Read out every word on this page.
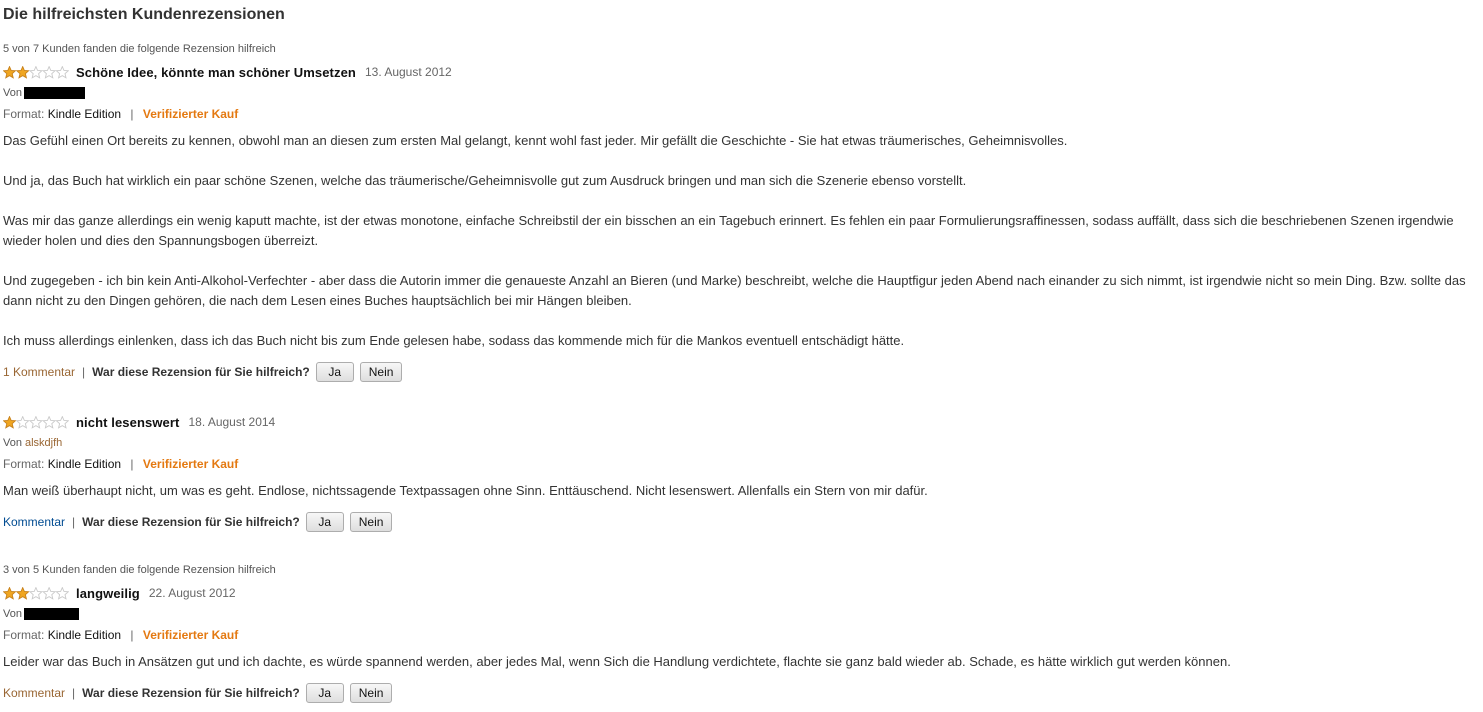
Die hilfreichsten Kundenrezensionen
5 von 7 Kunden fanden die folgende Rezension hilfreich
Schöne Idee, könnte man schöner Umsetzen 13. August 2012
Von
Format: Kindle Edition | Verifizierter Kauf

Das Gefühl einen Ort bereits zu kennen, obwohl man an diesen zum ersten Mal gelangt, kennt wohl fast jeder. Mir gefällt die Geschichte - Sie hat etwas träumerisches, Geheimnisvolles.

Und ja, das Buch hat wirklich ein paar schöne Szenen, welche das träumerische/Geheimnisvolle gut zum Ausdruck bringen und man sich die Szenerie ebenso vorstellt.

Was mir das ganze allerdings ein wenig kaputt machte, ist der etwas monotone, einfache Schreibstil der ein bisschen an ein Tagebuch erinnert. Es fehlen ein paar Formulierungsraffinessen, sodass auffällt, dass sich die beschriebenen Szenen irgendwie wieder holen und dies den Spannungsbogen überreizt.

Und zugegeben - ich bin kein Anti-Alkohol-Verfechter - aber dass die Autorin immer die genaueste Anzahl an Bieren (und Marke) beschreibt, welche die Hauptfigur jeden Abend nach einander zu sich nimmt, ist irgendwie nicht so mein Ding. Bzw. sollte das dann nicht zu den Dingen gehören, die nach dem Lesen eines Buches hauptsächlich bei mir Hängen bleiben.

Ich muss allerdings einlenken, dass ich das Buch nicht bis zum Ende gelesen habe, sodass das kommende mich für die Mankos eventuell entschädigt hätte.

1 Kommentar | War diese Rezension für Sie hilfreich?	Ja	Nein
nicht lesenswert 18. August 2014
Von alskdjfh
Format: Kindle Edition | Verifizierter Kauf

Man weiß überhaupt nicht, um was es geht. Endlose, nichtssagende Textpassagen ohne Sinn. Enttäuschend. Nicht lesenswert. Allenfalls ein Stern von mir dafür.

Kommentar | War diese Rezension für Sie hilfreich?	Ja	Nein
3 von 5 Kunden fanden die folgende Rezension hilfreich
langweilig 22. August 2012
Von
Format: Kindle Edition | Verifizierter Kauf

Leider war das Buch in Ansätzen gut und ich dachte, es würde spannend werden, aber jedes Mal, wenn Sich die Handlung verdichtete, flachte sie ganz bald wieder ab. Schade, es hätte wirklich gut werden können.

Kommentar | War diese Rezension für Sie hilfreich?	Ja	Nein
